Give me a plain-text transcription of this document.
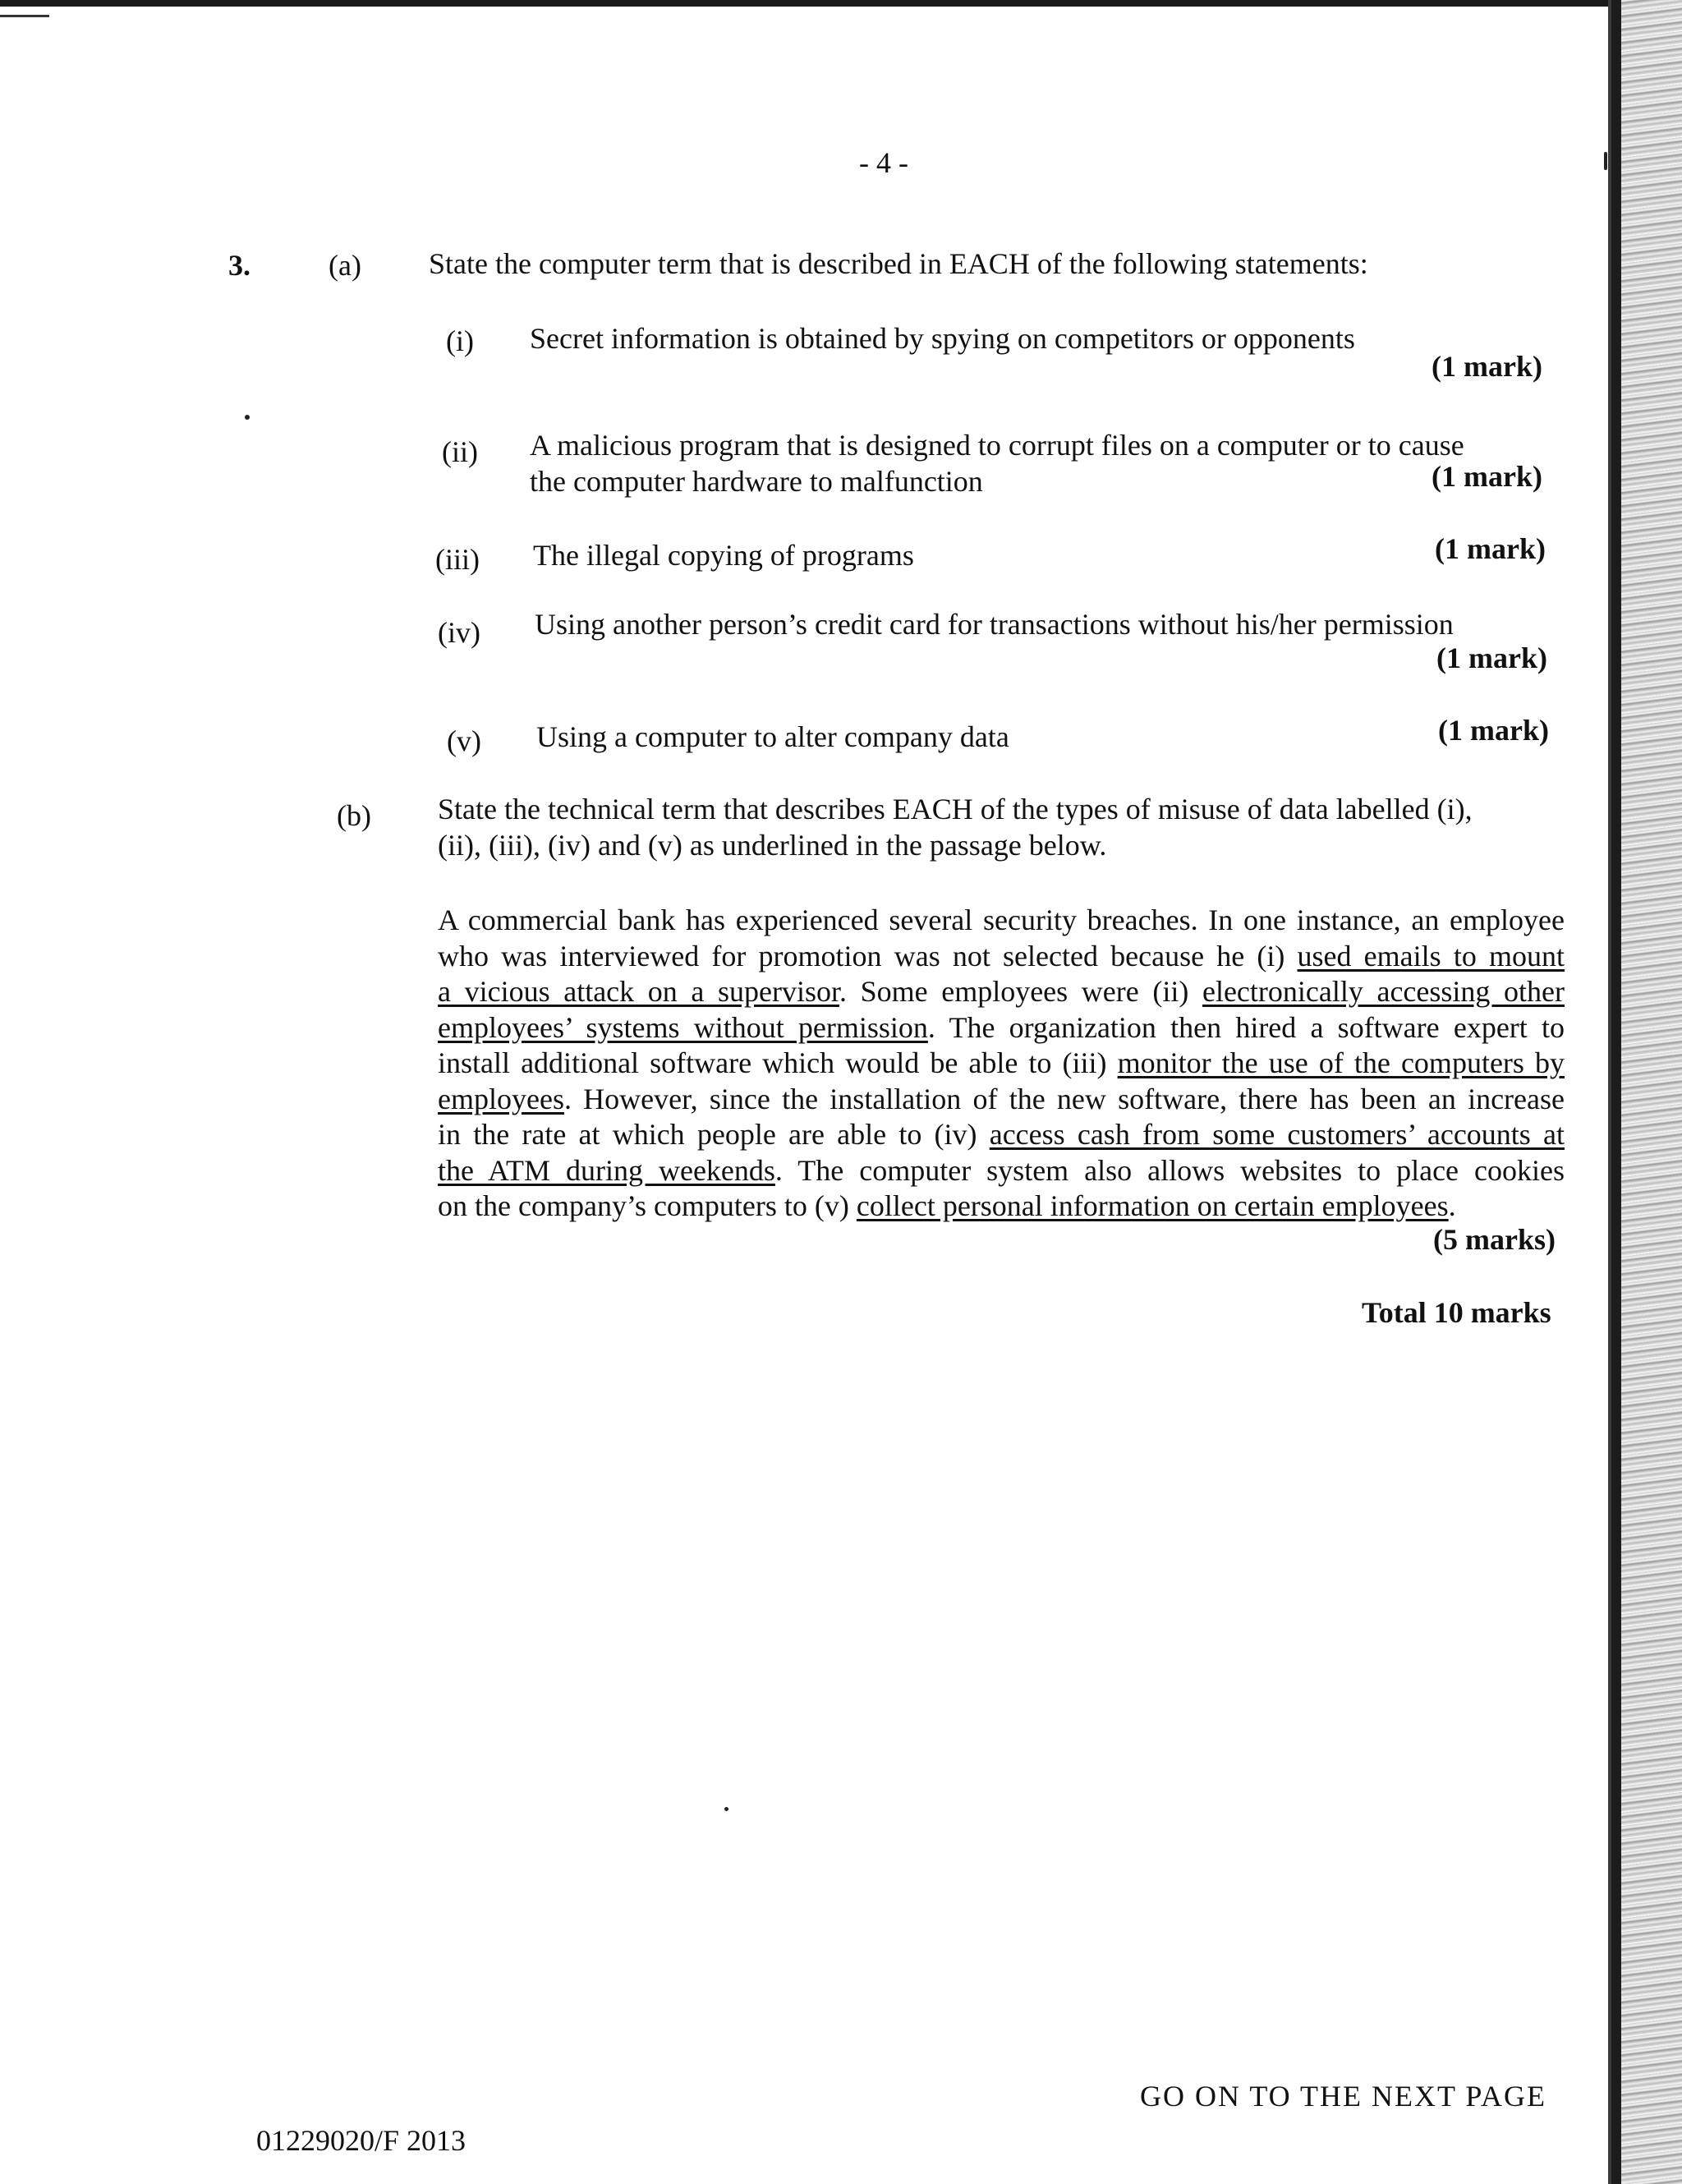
- 4 -
3.	(a) State the computer term that is described in EACH of the following statements:
(i) Secret information is obtained by spying on competitors or opponents
(1 mark)
(ii) A malicious program that is designed to corrupt files on a computer or to cause
the computer hardware to malfunction	(1 mark)
(iii) The illegal copying of programs	(1 mark)
(iv) Using another person’s credit card for transactions without his/her permission
(1 mark)
(v) Using a computer to alter company data	(1 mark)
(b) State the technical term that describes EACH of the types of misuse of data labelled (i),
(ii), (iii), (iv) and (v) as underlined in the passage below.
A commercial bank has experienced several security breaches. In one instance, an employee
who was interviewed for promotion was not selected because he (i) used emails to mount
a vicious attack on a supervisor. Some employees were (ii) electronically accessing other
employees’ systems without permission. The organization then hired a software expert to
install additional software which would be able to (iii) monitor the use of the computers by
employees. However, since the installation of the new software, there has been an increase
in the rate at which people are able to (iv) access cash from some customers’ accounts at
the ATM during weekends. The computer system also allows websites to place cookies
on the company’s computers to (v) collect personal information on certain employees.
(5 marks)
Total 10 marks
GO ON TO THE NEXT PAGE
01229020/F 2013
